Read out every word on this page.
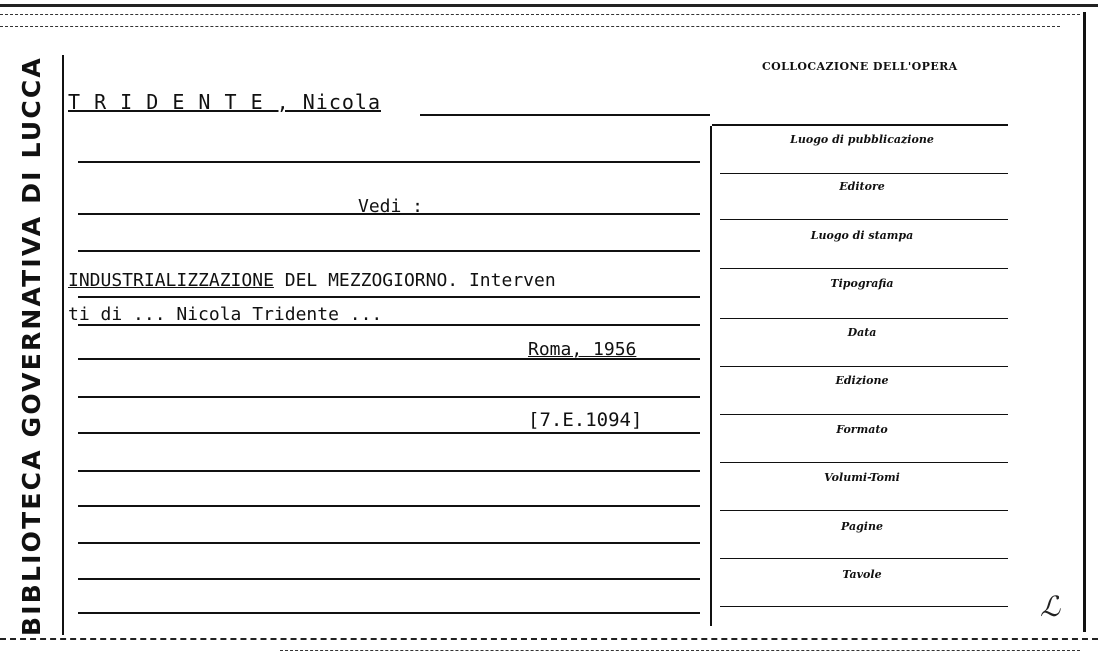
BIBLIOTECA GOVERNATIVA DI LUCCA	COLLOCAZIONE DELL'OPERA
T R I D E N T E , Nicola
Vedi :
INDUSTRIALIZZAZIONE DEL MEZZOGIORNO. Interven
ti di ... Nicola Tridente ...
Roma, 1956
[7.E.1094]
Luogo di pubblicazione
Editore
Luogo di stampa
Tipografia
Data
Edizione
Formato
Volumi-Tomi
Pagine
Tavole
ℒ
